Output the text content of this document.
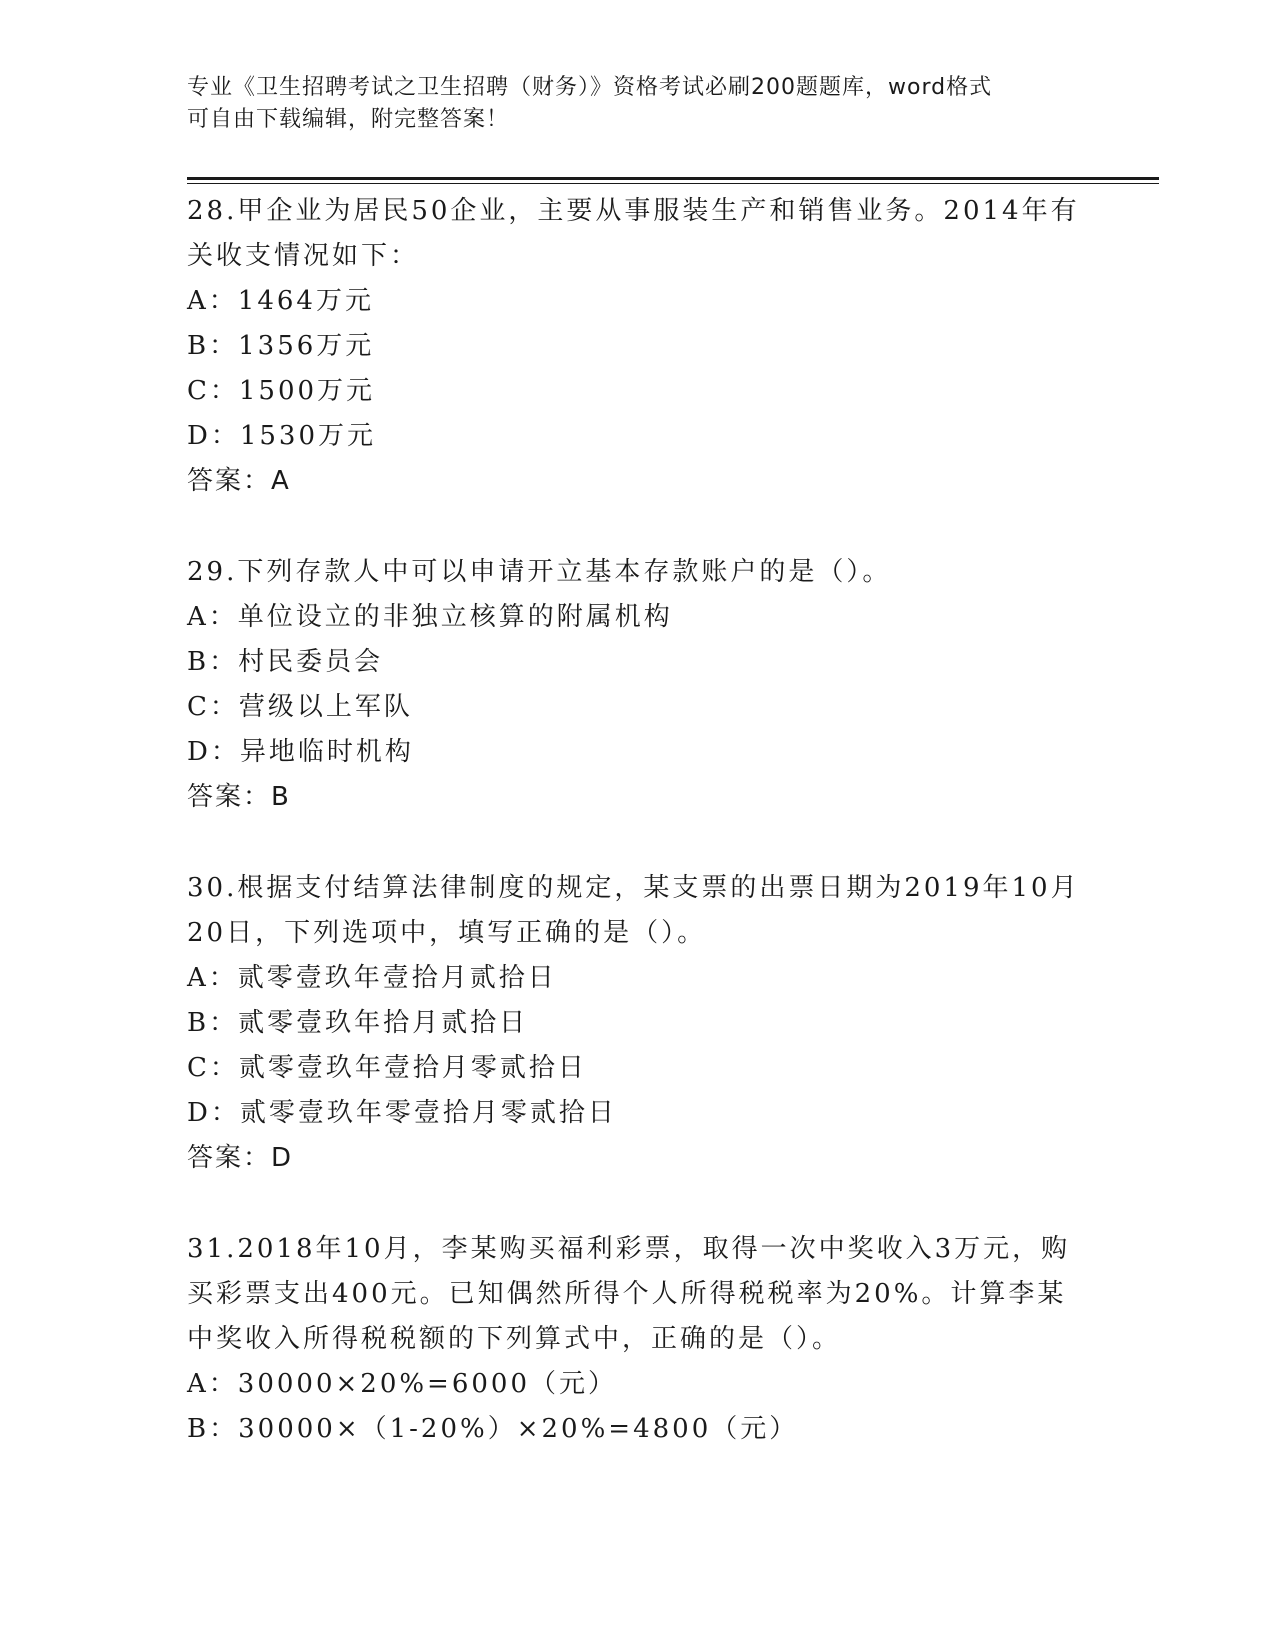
专业《卫生招聘考试之卫生招聘（财务）》资格考试必刷200题题库，word格式
可自由下载编辑，附完整答案！
28.甲企业为居民50企业，主要从事服装生产和销售业务。2014年有关收支情况如下：
A：1464万元
B：1356万元
C：1500万元
D：1530万元
答案：A
29.下列存款人中可以申请开立基本存款账户的是（）。
A：单位设立的非独立核算的附属机构
B：村民委员会
C：营级以上军队
D：异地临时机构
答案：B
30.根据支付结算法律制度的规定，某支票的出票日期为2019年10月20日，下列选项中，填写正确的是（）。
A：贰零壹玖年壹拾月贰拾日
B：贰零壹玖年拾月贰拾日
C：贰零壹玖年壹拾月零贰拾日
D：贰零壹玖年零壹拾月零贰拾日
答案：D
31.2018年10月，李某购买福利彩票，取得一次中奖收入3万元，购买彩票支出400元。已知偶然所得个人所得税税率为20%。计算李某中奖收入所得税税额的下列算式中，正确的是（）。
A：30000×20%=6000（元）
B：30000×（1-20%）×20%=4800（元）
